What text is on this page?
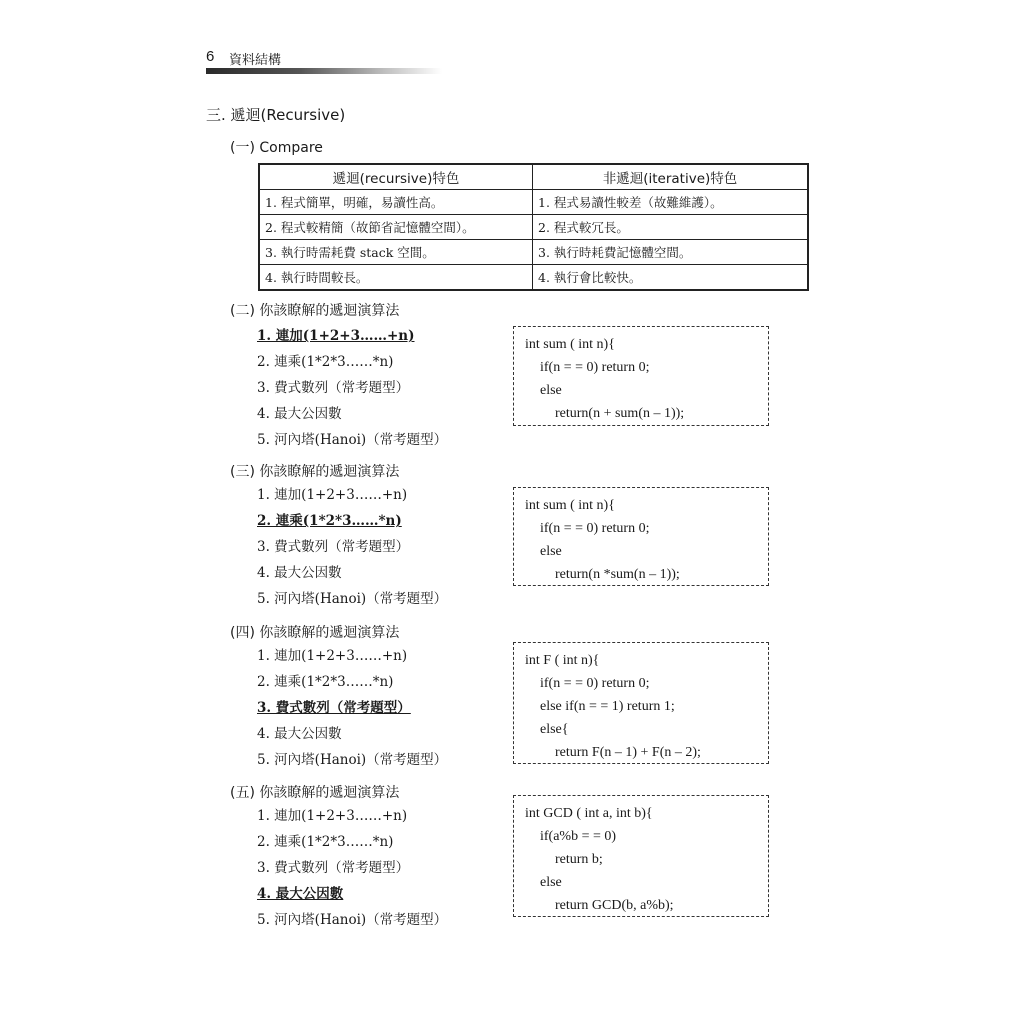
6 資料結構
三. 遞迴(Recursive)
(一) Compare
遞迴(recursive)特色	非遞迴(iterative)特色
1. 程式簡單，明確，易讀性高。	1. 程式易讀性較差（故難維護）。
2. 程式較精簡（故節省記憶體空間）。	2. 程式較冗長。
3. 執行時需耗費 stack 空間。	3. 執行時耗費記憶體空間。
4. 執行時間較長。	4. 執行會比較快。
(二) 你該瞭解的遞迴演算法
1. 連加(1+2+3……+n)
2. 連乘(1*2*3……*n)
3. 費式數列（常考題型）
4. 最大公因數
5. 河內塔(Hanoi)（常考題型）
int sum ( int n){
if(n = = 0) return 0;
else
return(n + sum(n – 1));
(三) 你該瞭解的遞迴演算法
1. 連加(1+2+3……+n)
2. 連乘(1*2*3……*n)
3. 費式數列（常考題型）
4. 最大公因數
5. 河內塔(Hanoi)（常考題型）
int sum ( int n){
if(n = = 0) return 0;
else
return(n *sum(n – 1));
(四) 你該瞭解的遞迴演算法
1. 連加(1+2+3……+n)
2. 連乘(1*2*3……*n)
3. 費式數列（常考題型）
4. 最大公因數
5. 河內塔(Hanoi)（常考題型）
int F ( int n){
if(n = = 0) return 0;
else if(n = = 1) return 1;
else{
return F(n – 1) + F(n – 2);
(五) 你該瞭解的遞迴演算法
1. 連加(1+2+3……+n)
2. 連乘(1*2*3……*n)
3. 費式數列（常考題型）
4. 最大公因數
5. 河內塔(Hanoi)（常考題型）
int GCD ( int a, int b){
if(a%b = = 0)
return b;
else
return GCD(b, a%b);
